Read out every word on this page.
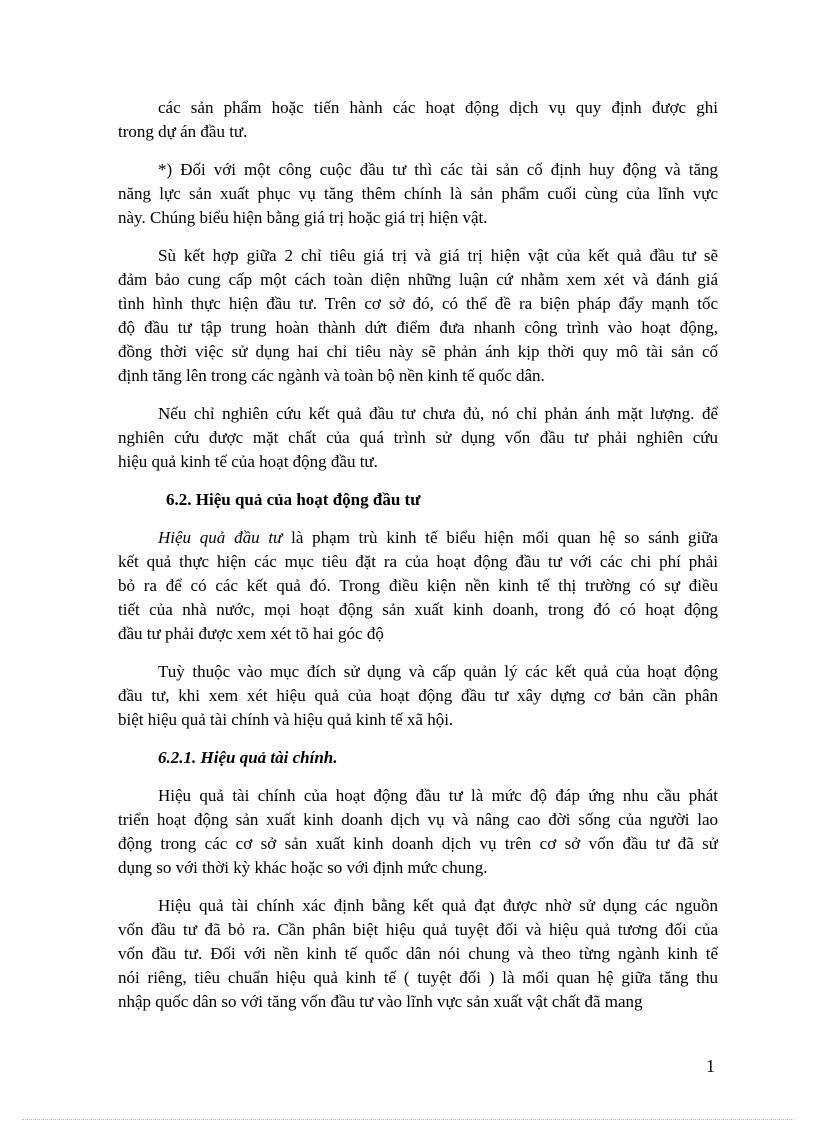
các sản phẩm hoặc tiến hành các hoạt động dịch vụ quy định được ghi
trong dự án đầu tư.
*) Đối với một công cuộc đầu tư thì các tài sản cố định huy động và tăng
năng lực sản xuất phục vụ tăng thêm chính là sản phẩm cuối cùng của lĩnh vực
này. Chúng biểu hiện bằng giá trị hoặc giá trị hiện vật.
Sù kết hợp giữa 2 chỉ tiêu giá trị và giá trị hiện vật của kết quả đầu tư sẽ
đảm bảo cung cấp một cách toàn diện những luận cứ nhằm xem xét và đánh giá
tình hình thực hiện đầu tư. Trên cơ sở đó, có thể đề ra biện pháp đẩy mạnh tốc
độ đầu tư tập trung hoàn thành dứt điểm đưa nhanh công trình vào hoạt động,
đồng thời việc sử dụng hai chỉ tiêu này sẽ phản ánh kịp thời quy mô tài sản cố
định tăng lên trong các ngành và toàn bộ nền kinh tế quốc dân.
Nếu chỉ nghiên cứu kết quả đầu tư chưa đủ, nó chỉ phản ánh mặt lượng. để
nghiên cứu được mặt chất của quá trình sử dụng vốn đầu tư phải nghiên cứu
hiệu quả kinh tế của hoạt động đầu tư.
6.2. Hiệu quả của hoạt động đầu tư
Hiệu quả đầu tư là phạm trù kinh tế biểu hiện mối quan hệ so sánh giữa
kết quả thực hiện các mục tiêu đặt ra của hoạt động đầu tư với các chi phí phải
bỏ ra để có các kết quả đó. Trong điều kiện nền kinh tế thị trường có sự điều
tiết của nhà nước, mọi hoạt động sản xuất kinh doanh, trong đó có hoạt động
đầu tư phải được xem xét tõ hai góc độ
Tuỳ thuộc vào mục đích sử dụng và cấp quản lý các kết quả của hoạt động
đầu tư, khi xem xét hiệu quả của hoạt động đầu tư xây dựng cơ bản cần phân
biệt hiệu quả tài chính và hiệu quả kinh tế xã hội.
6.2.1. Hiệu quả tài chính.
Hiệu quả tài chính của hoạt động đầu tư là mức độ đáp ứng nhu cầu phát
triển hoạt động sản xuất kinh doanh dịch vụ và nâng cao đời sống của người lao
động trong các cơ sở sản xuất kinh doanh dịch vụ trên cơ sở vốn đầu tư đã sử
dụng so với thời kỳ khác hoặc so với định mức chung.
Hiệu quả tài chính xác định bằng kết quả đạt được nhờ sử dụng các nguồn
vốn đầu tư đã bỏ ra. Cần phân biệt hiệu quả tuyệt đối và hiệu quả tương đối của
vốn đầu tư. Đối với nền kinh tế quốc dân nói chung và theo từng ngành kinh tế
nói riêng, tiêu chuẩn hiệu quả kinh tế ( tuyệt đối ) là mối quan hệ giữa tăng thu
nhập quốc dân so với tăng vốn đầu tư vào lĩnh vực sản xuất vật chất đã mang
1
